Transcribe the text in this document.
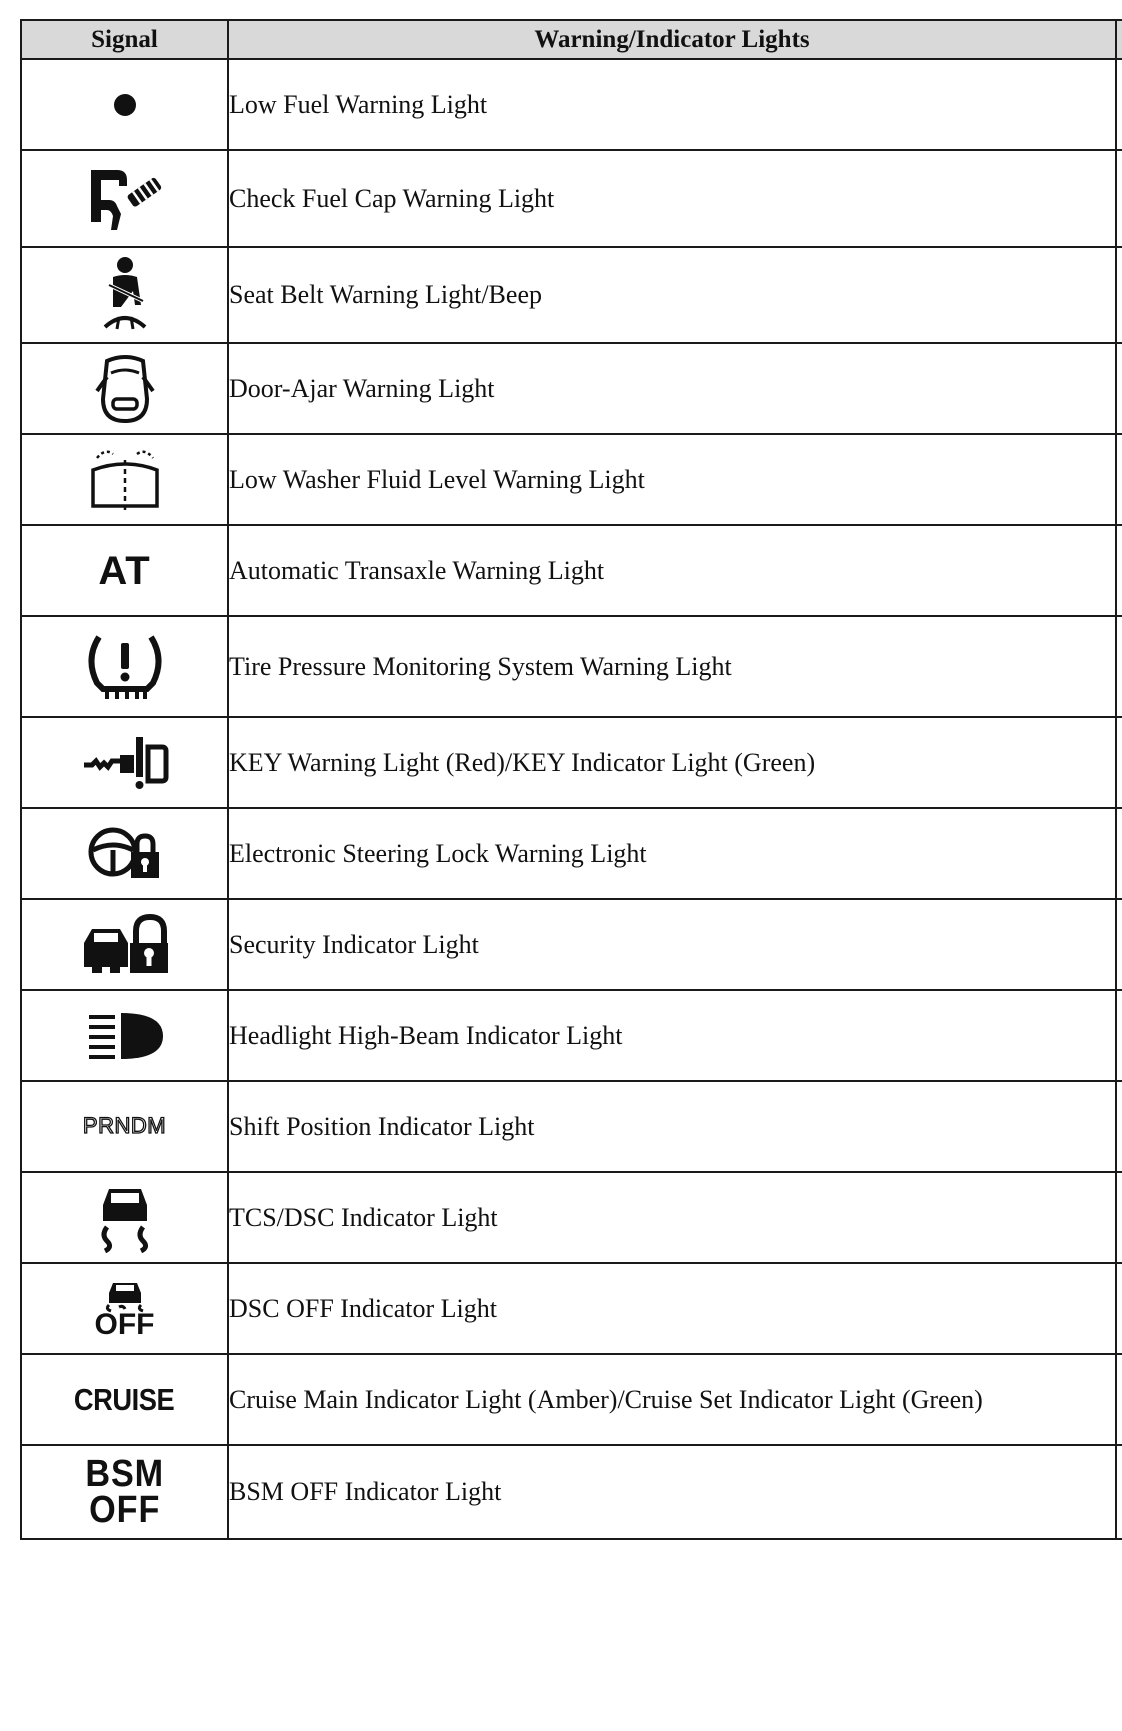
Signal	Warning/Indicator Lights	

	Low Fuel Warning Light	

	Check Fuel Cap Warning Light	

	Seat Belt Warning Light/Beep	

	Door-Ajar Warning Light	

	Low Washer Fluid Level Warning Light	
AT	Automatic Transaxle Warning Light	

	Tire Pressure Monitoring System Warning Light	

	KEY Warning Light (Red)/KEY Indicator Light (Green)	

	Electronic Steering Lock Warning Light	

	Security Indicator Light	

	Headlight High-Beam Indicator Light	
PRNDM	Shift Position Indicator Light	

	TCS/DSC Indicator Light	

OFF	DSC OFF Indicator Light	
CRUISE	Cruise Main Indicator Light (Amber)/Cruise Set Indicator Light (Green)	
BSM
OFF	BSM OFF Indicator Light	
